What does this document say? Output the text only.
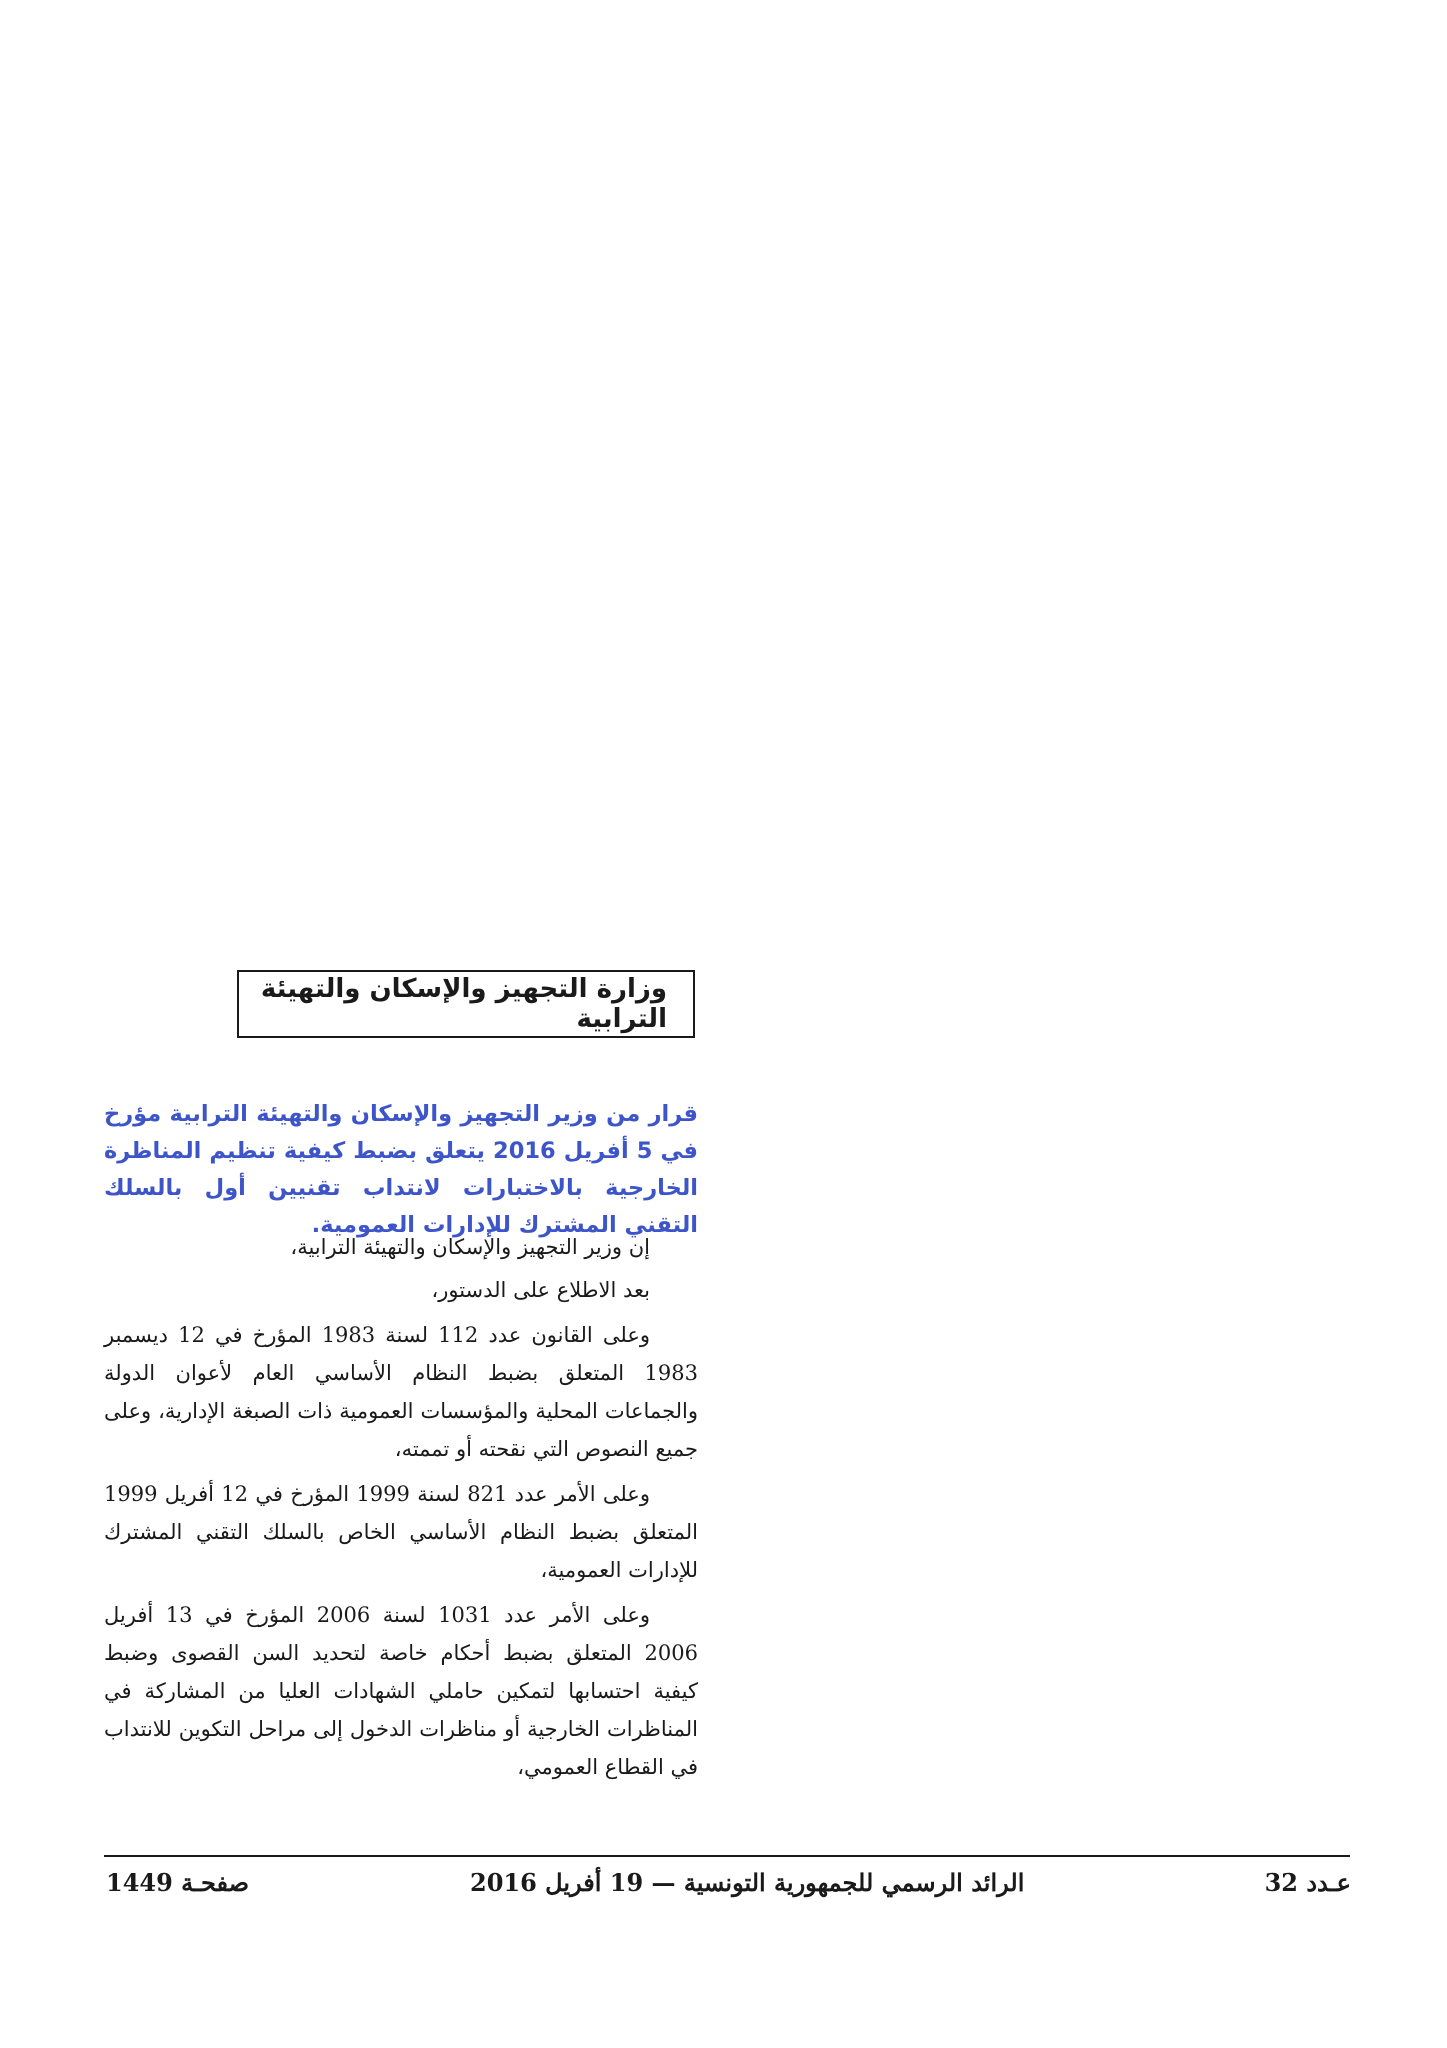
وزارة التجهيز والإسكان والتهيئة الترابية
قرار من وزير التجهيز والإسكان والتهيئة الترابية مؤرخ في 5 أفريل 2016 يتعلق بضبط كيفية تنظيم المناظرة الخارجية بالاختبارات لانتداب تقنيين أول بالسلك التقني المشترك للإدارات العمومية.
إن وزير التجهيز والإسكان والتهيئة الترابية،
بعد الاطلاع على الدستور،
وعلى القانون عدد 112 لسنة 1983 المؤرخ في 12 ديسمبر 1983 المتعلق بضبط النظام الأساسي العام لأعوان الدولة والجماعات المحلية والمؤسسات العمومية ذات الصبغة الإدارية، وعلى جميع النصوص التي نقحته أو تممته،
وعلى الأمر عدد 821 لسنة 1999 المؤرخ في 12 أفريل 1999 المتعلق بضبط النظام الأساسي الخاص بالسلك التقني المشترك للإدارات العمومية،
وعلى الأمر عدد 1031 لسنة 2006 المؤرخ في 13 أفريل 2006 المتعلق بضبط أحكام خاصة لتحديد السن القصوى وضبط كيفية احتسابها لتمكين حاملي الشهادات العليا من المشاركة في المناظرات الخارجية أو مناظرات الدخول إلى مراحل التكوين للانتداب في القطاع العمومي،
عـدد 32
الرائد الرسمي للجمهورية التونسية — 19 أفريل 2016
صفحـة 1449
